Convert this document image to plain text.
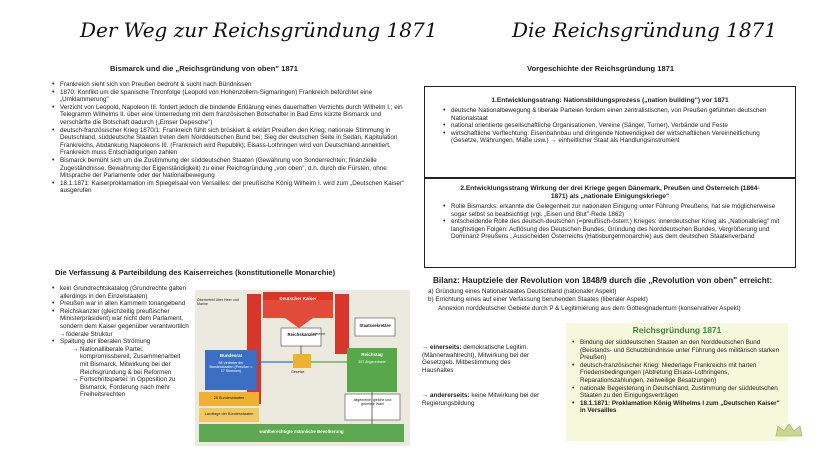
Der Weg zur Reichsgründung 1871
Bismarck und die „Reichsgründung von oben" 1871
• Frankreich sieht sich von Preußen bedroht & sucht nach Bündnissen
• 1870: Konflikt um die spanische Thronfolge (Leopold von Hohenzollern-Sigmaringen) Frankreich befürchtet eine „Umklammerung"
• Verzicht von Leopold, Napoleon III. fordert jedoch die bindende Erklärung eines dauerhaften Verzichts durch Wilhelm I.; ein Telegramm Wilhelms II. über eine Unterredung mit dem französischen Botschafter in Bad Ems kürzte Bismarck und verschärfte die Botschaft dadurch („Emser Depesche")
• deutsch-französischer Krieg 1870/1: Frankreich fühlt sich brüskiert & erklärt Preußen den Krieg; nationale Stimmung in Deutschland, süddeutsche Staaten treten dem Norddeutschen Bund bei; Sieg der deutschen Seite in Sedan, Kapitulation Frankreichs, Abdankung Napoleons III. (Frankreich wird Republik); Elsass-Lothringen wird von Deutschland annektiert, Frankreich muss Entschädigungen zahlen
• Bismarck bemüht sich um die Zustimmung der süddeutschen Staaten (Gewährung von Sonderrechten; finanzielle Zugeständnisse, Bewahrung der Eigenständigkeit) zu einer Reichsgründung „von oben", d.h. durch die Fürsten, ohne Mitsprache der Parlamente oder der Nationalbewegung
• 18.1.1871: Kaiserproklamation im Spiegelsaal von Versailles: der preußische König Wilhelm I. wird zum „Deutschen Kaiser" ausgerufen
Die Verfassung & Parteibildung des Kaiserreiches (konstitutionelle Monarchie)
• kein Grundrechtskatalog (Grundrechte galten allerdings in den Einzelstaaten)
• Preußen war in allen Kammern tonangebend
• Reichskanzler (gleichzeitig preußischer Ministerpräsident) war nicht dem Parlament, sondern dem Kaiser gegenüber verantwortlich
→ föderale Struktur
• Spaltung der liberalen Strömung
→ Nationalliberale Partei: kompromissbereit, Zusammenarbeit mit Bismarck, Mitwirkung bei der Reichsgründung & bei Reformen
→ Fortschrittspartei: in Opposition zu Bismarck, Forderung nach mehr Freiheitsrechten
Reichskanzler
Deutscher Kaiser
Staatssekretäre
Bundesrat
58 Vertreter der Bundesstaaten (Preußen = 17 Stimmen)
Reichstag
397 Abgeordnete
25 Bundesstaaten
Landtage der Bundesstaaten
allgemeine, gleiche und geheime Wahl
wahlberechtigte männliche Bevölkerung
Oberbefehl über Heer und Marine
ernennt
Gesetze
Die Reichsgründung 1871
Vorgeschichte der Reichsgründung 1871
1.Entwicklungsstrang: Nationsbildungsprozess („nation building") vor 1871
• deutsche Nationalbewegung & liberale Parteien fordern einen zentralistischen, von Preußen geführten deutschen Nationalstaat
• national orientierte gesellschaftliche Organisationen, Vereine (Sänger, Turner), Verbände und Feste
• wirtschaftliche Verflechtung: Eisenbahnbau und dringende Notwendigkeit der wirtschaftlichen Vereinheitlichung (Gesetze, Währungen, Maße usw.) → einheitlicher Staat als Handlungsinstrument
2.Entwicklungsstrang Wirkung der drei Kriege gegen Dänemark, Preußen und Österreich (1864-1871) als „nationale Einigungskriege"
• Rolle Bismarcks: erkannte die Gelegenheit zur nationalen Einigung unter Führung Preußens, hat sie möglicherweise sogar selbst so beabsichtigt (vgl. „Eisen und Blut"-Rede 1862)
• entscheidende Rolle des deutsch-deutschen (=preußisch-österr.) Krieges: innerdeutscher Krieg als „Nationalkrieg" mit langfristigen Folgen: Auflösung des Deutschen Bundes, Gründung des Norddeutschen Bundes, Vergrößerung und Dominanz Preußens , Ausscheiden Österreichs (Habsburgermonarchie) aus dem deutschen Staatenverband
Bilanz: Hauptziele der Revolution von 1848/9 durch die „Revolution von oben" erreicht:
a) Gründung eines Nationalstaates Deutschland (nationaler Aspekt)
b) Errichtung eines auf einer Verfassung beruhenden Staates (liberaler Aspekt)
Annexion norddeutscher Gebiete durch P & Legitimierung aus dem Gottesgnadentum (konservativer Aspekt)
→ einerseits: demokratische Legitim. (Männerwahlrecht), Mitwirkung bei der Gesetzgeb. Mitbestimmung des Haushaltes
→ andererseits: keine Mitwirkung bei der Regierungsbildung
Reichsgründung 1871
• Bindung der süddeutschen Staaten an den Norddeutschen Bund (Beistands- und Schutzbündnisse unter Führung des militärisch starken Preußen)
• deutsch-französischer Krieg: Niederlage Frankreichs mit harten Friedensbedingungen (Abtretung Elsass-Lothringens, Reparationszahlungen, zeitweilige Besatzungen)
• nationale Begeisterung in Deutschland, Zustimmung der süddeutschen Staaten zu den Einigungsverträgen
• 18.1.1871: Proklamation König Wilhelms I zum „Deutschen Kaiser" in Versailles
